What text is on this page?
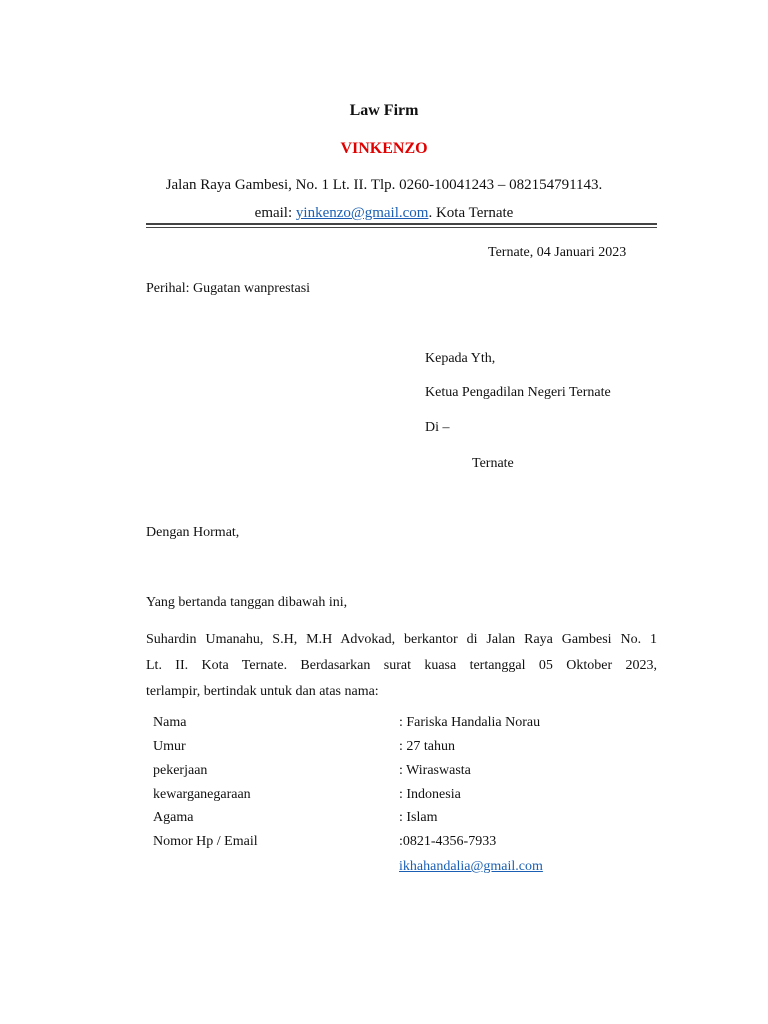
Law Firm
VINKENZO
Jalan Raya Gambesi, No. 1 Lt. II. Tlp. 0260-10041243 – 082154791143.
email: yinkenzo@gmail.com. Kota Ternate
Ternate, 04 Januari 2023
Perihal: Gugatan wanprestasi
Kepada Yth,
Ketua Pengadilan Negeri Ternate
Di –
Ternate
Dengan Hormat,
Yang bertanda tanggan dibawah ini,
Suhardin Umanahu, S.H, M.H Advokad, berkantor di Jalan Raya Gambesi No. 1
Lt. II. Kota Ternate. Berdasarkan surat kuasa tertanggal 05 Oktober 2023,
terlampir, bertindak untuk dan atas nama:
Nama	: Fariska Handalia Norau
Umur	: 27 tahun
pekerjaan	: Wiraswasta
kewarganegaraan	: Indonesia
Agama	: Islam
Nomor Hp / Email	:0821-4356-7933
ikhahandalia@gmail.com
